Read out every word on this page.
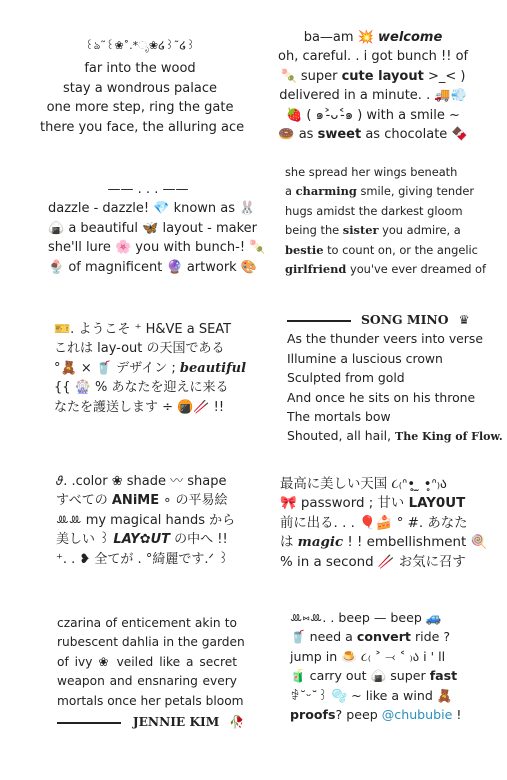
꒰ঌ˜꒰❀˚.*ೃ❀໒꒱˜໒꒱
far into the wood
stay a wondrous palace
one more step, ring the gate
there you face, the alluring ace
ba—am 💥 welcome
oh, careful. . i got bunch !! of
🍡 super cute layout >_< )
delivered in a minute. . 🚚💨
🍓 ( ๑˃̵ᴗ˂̵๑ ) with a smile ~
🍩 as sweet as chocolate 🍫
—— . . . ——
dazzle - dazzle! 💎 known as 🐰
🍙 a beautiful 🦋 layout - maker
she'll lure 🌸 you with bunch-! 🍡
🍨 of magnificent 🔮 artwork 🎨
she spread her wings beneath
a charming smile, giving tender
hugs amidst the darkest gloom
being the sister you admire, a
bestie to count on, or the angelic
girlfriend you've ever dreamed of
🎫. ようこそ ⁺ H&VE a SEAT
これは lay-out の天国である
°🧸 × 🥤 デザイン ; beautiful
{{ 🎡 % あなたを迎えに来る
なたを護送します ÷ 🍘🥢 !!
SONG MINO ♛
As the thunder veers into verse
Illumine a luscious crown
Sculpted from gold
And once he sits on his throne
The mortals bow
Shouted, all hail, The King of Flow.
𝜗. .color ❀ shade 〰 shape
すべての ANiME ∘ の平易絵
ꔛꔛ my magical hands から
美しい ꒱ LAY✿UT の中へ !!
⁺. . ❥ 全てが . °綺麗です.ᐟ ꒱
最高に美しい天国 ૮₍ᐢ•̥ ̫ •̥ᐢ₎ა
🎀 password ; 甘い LAY0UT
前に出る. . . 🎈🍰 ° #. あなた
は magic ! ! embellishment 🍭
% in a second 🥢 お気に召す
czarina of enticement akin to
rubescent dahlia in the garden
of ivy ❀ veiled like a secret
weapon and ensnaring every
mortals once her petals bloom
JENNIE KIM 🥀
ꔛ⑅ꔛ. . beep — beep 🚙
🥤 need a convert ride ?
jump in 🍮 ૮₍ ˃ ⤙ ˂ ₎ა i ' ll
🧃 carry out 🍙 super fast
ꒆ˘ᵕ˘꒱ 🫧 ~ like a wind 🧸
proofs? peep @chububie !
